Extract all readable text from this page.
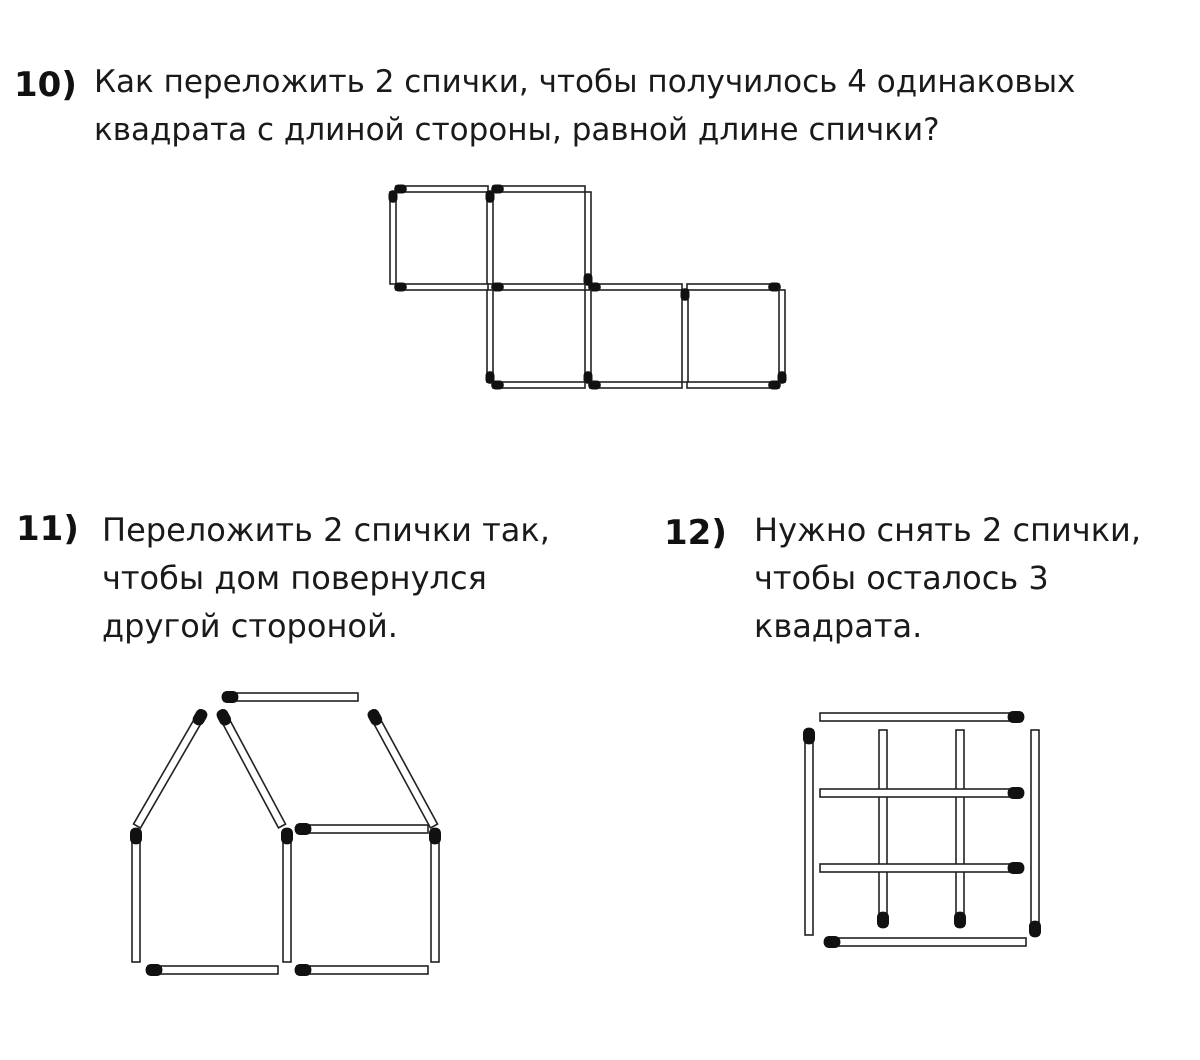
10) Как переложить 2 спички, чтобы получилось 4 одинаковых
квадрата с длиной стороны, равной длине спички?
11) Переложить 2 спички так,
чтобы дом повернулся
другой стороной.
12) Нужно снять 2 спички,
чтобы осталось 3
квадрата.
